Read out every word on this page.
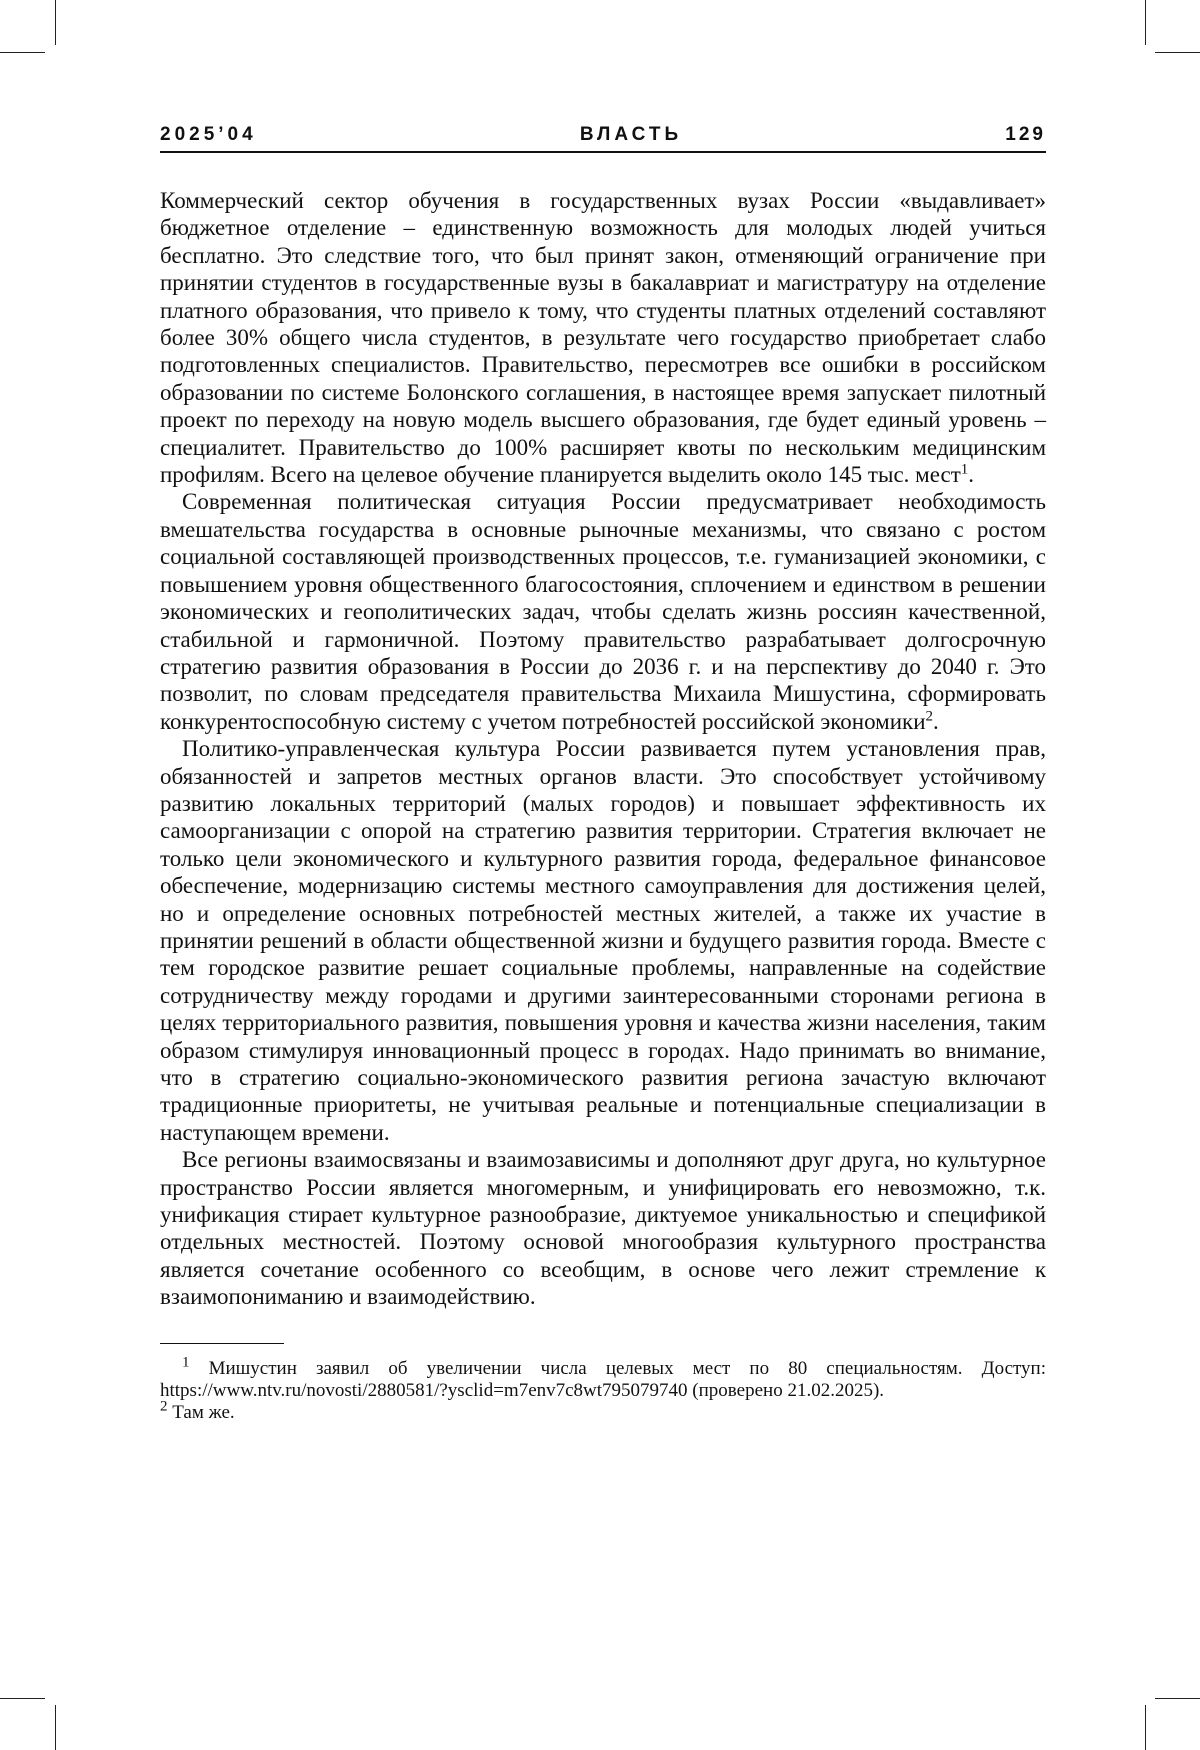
2025’04	ВЛАСТЬ	129

Коммерческий сектор обучения в государственных вузах России «выдавливает» бюджетное отделение – единственную возможность для молодых людей учиться бесплатно. Это следствие того, что был принят закон, отменяющий ограничение при принятии студентов в государственные вузы в бакалавриат и магистратуру на отделение платного образования, что привело к тому, что студенты платных отделений составляют более 30% общего числа студентов, в результате чего государство приобретает слабо подготовленных специалистов. Правительство, пересмотрев все ошибки в российском образовании по системе Болонского соглашения, в настоящее время запускает пилотный проект по переходу на новую модель высшего образования, где будет единый уровень – специалитет. Правительство до 100% расширяет квоты по нескольким медицинским профилям. Всего на целевое обучение планируется выделить около 145 тыс. мест1.

Современная политическая ситуация России предусматривает необходимость вмешательства государства в основные рыночные механизмы, что связано с ростом социальной составляющей производственных процессов, т.е. гуманизацией экономики, с повышением уровня общественного благосостояния, сплочением и единством в решении экономических и геополитических задач, чтобы сделать жизнь россиян качественной, стабильной и гармоничной. Поэтому правительство разрабатывает долгосрочную стратегию развития образования в России до 2036 г. и на перспективу до 2040 г. Это позволит, по словам председателя правительства Михаила Мишустина, сформировать конкурентоспособную систему с учетом потребностей российской экономики2.

Политико-управленческая культура России развивается путем установления прав, обязанностей и запретов местных органов власти. Это способствует устойчивому развитию локальных территорий (малых городов) и повышает эффективность их самоорганизации с опорой на стратегию развития территории. Стратегия включает не только цели экономического и культурного развития города, федеральное финансовое обеспечение, модернизацию системы местного самоуправления для достижения целей, но и определение основных потребностей местных жителей, а также их участие в принятии решений в области общественной жизни и будущего развития города. Вместе с тем городское развитие решает социальные проблемы, направленные на содействие сотрудничеству между городами и другими заинтересованными сторонами региона в целях территориального развития, повышения уровня и качества жизни населения, таким образом стимулируя инновационный процесс в городах. Надо принимать во внимание, что в стратегию социально-экономического развития региона зачастую включают традиционные приоритеты, не учитывая реальные и потенциальные специализации в наступающем времени.

Все регионы взаимосвязаны и взаимозависимы и дополняют друг друга, но культурное пространство России является многомерным, и унифицировать его невозможно, т.к. унификация стирает культурное разнообразие, диктуемое уникальностью и спецификой отдельных местностей. Поэтому основой многообразия культурного пространства является сочетание особенного со всеобщим, в основе чего лежит стремление к взаимопониманию и взаимодействию.

1 Мишустин заявил об увеличении числа целевых мест по 80 специальностям. Доступ: https://www.ntv.ru/novosti/2880581/?ysclid=m7env7c8wt795079740 (проверено 21.02.2025).

2 Там же.
